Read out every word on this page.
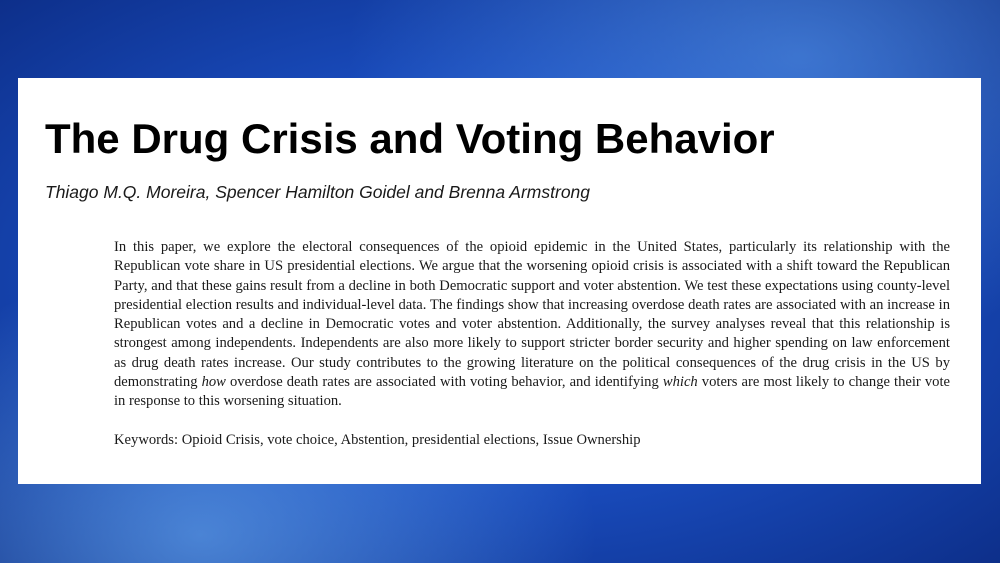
The Drug Crisis and Voting Behavior

Thiago M.Q. Moreira, Spencer Hamilton Goidel and Brenna Armstrong

In this paper, we explore the electoral consequences of the opioid epidemic in the United States, particularly its relationship with the Republican vote share in US presidential elections. We argue that the worsening opioid crisis is associated with a shift toward the Republican Party, and that these gains result from a decline in both Democratic support and voter abstention. We test these expectations using county-level presidential election results and individual-level data. The findings show that increasing overdose death rates are associated with an increase in Republican votes and a decline in Democratic votes and voter abstention. Additionally, the survey analyses reveal that this relationship is strongest among independents. Independents are also more likely to support stricter border security and higher spending on law enforcement as drug death rates increase. Our study contributes to the growing literature on the political consequences of the drug crisis in the US by demonstrating how overdose death rates are associated with voting behavior, and identifying which voters are most likely to change their vote in response to this worsening situation.

Keywords: Opioid Crisis, vote choice, Abstention, presidential elections, Issue Ownership
